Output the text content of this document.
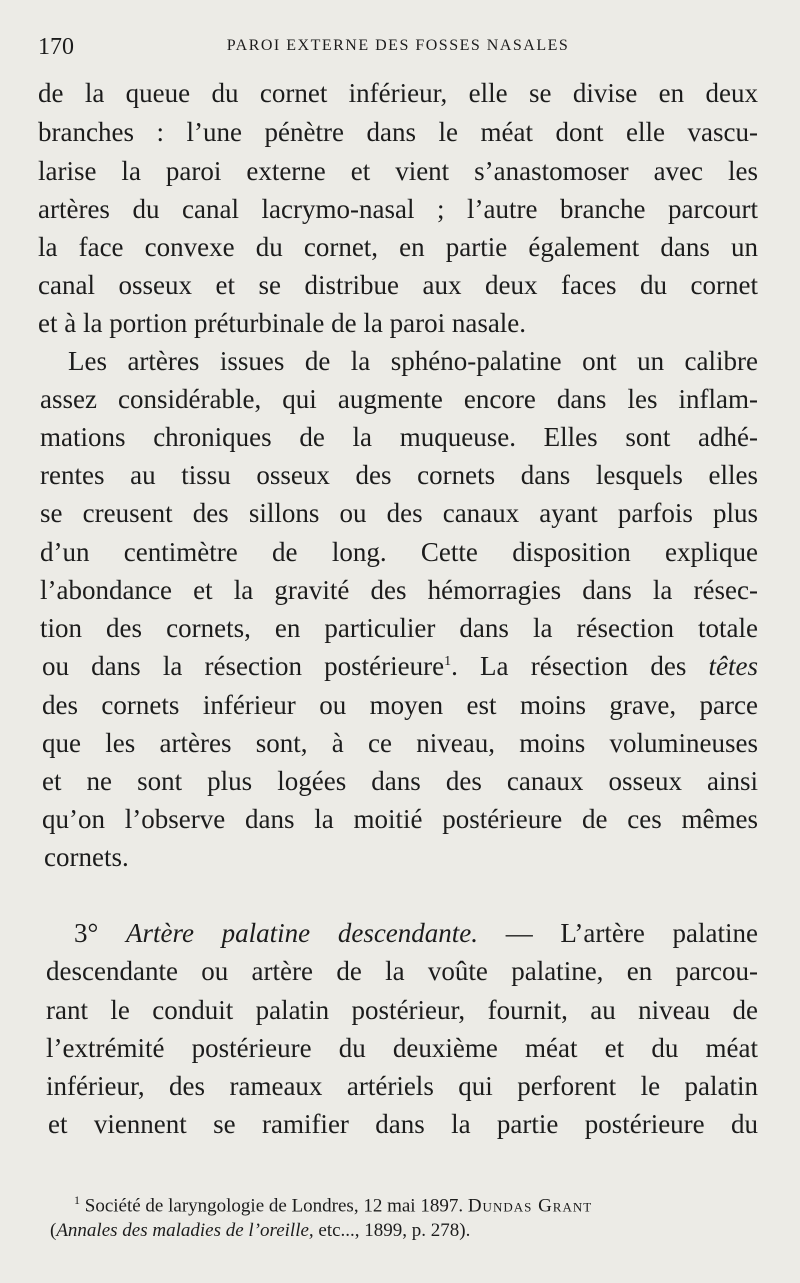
170	PAROI EXTERNE DES FOSSES NASALES
de la queue du cornet inférieur, elle se divise en deux
branches : l’une pénètre dans le méat dont elle vascu-
larise la paroi externe et vient s’anastomoser avec les
artères du canal lacrymo-nasal ; l’autre branche parcourt
la face convexe du cornet, en partie également dans un
canal osseux et se distribue aux deux faces du cornet
et à la portion préturbinale de la paroi nasale.
Les artères issues de la sphéno-palatine ont un calibre
assez considérable, qui augmente encore dans les inflam-
mations chroniques de la muqueuse. Elles sont adhé-
rentes au tissu osseux des cornets dans lesquels elles
se creusent des sillons ou des canaux ayant parfois plus
d’un centimètre de long. Cette disposition explique
l’abondance et la gravité des hémorragies dans la résec-
tion des cornets, en particulier dans la résection totale
ou dans la résection postérieure$^1$. La résection des têtes
des cornets inférieur ou moyen est moins grave, parce
que les artères sont, à ce niveau, moins volumineuses
et ne sont plus logées dans des canaux osseux ainsi
qu’on l’observe dans la moitié postérieure de ces mêmes
cornets.
3° Artère palatine descendante. — L’artère palatine
descendante ou artère de la voûte palatine, en parcou-
rant le conduit palatin postérieur, fournit, au niveau de
l’extrémité postérieure du deuxième méat et du méat
inférieur, des rameaux artériels qui perforent le palatin
et viennent se ramifier dans la partie postérieure du
$^1$ Société de laryngologie de Londres, 12 mai 1897. Dundas Grant
(Annales des maladies de l’oreille, etc..., 1899, p. 278).
